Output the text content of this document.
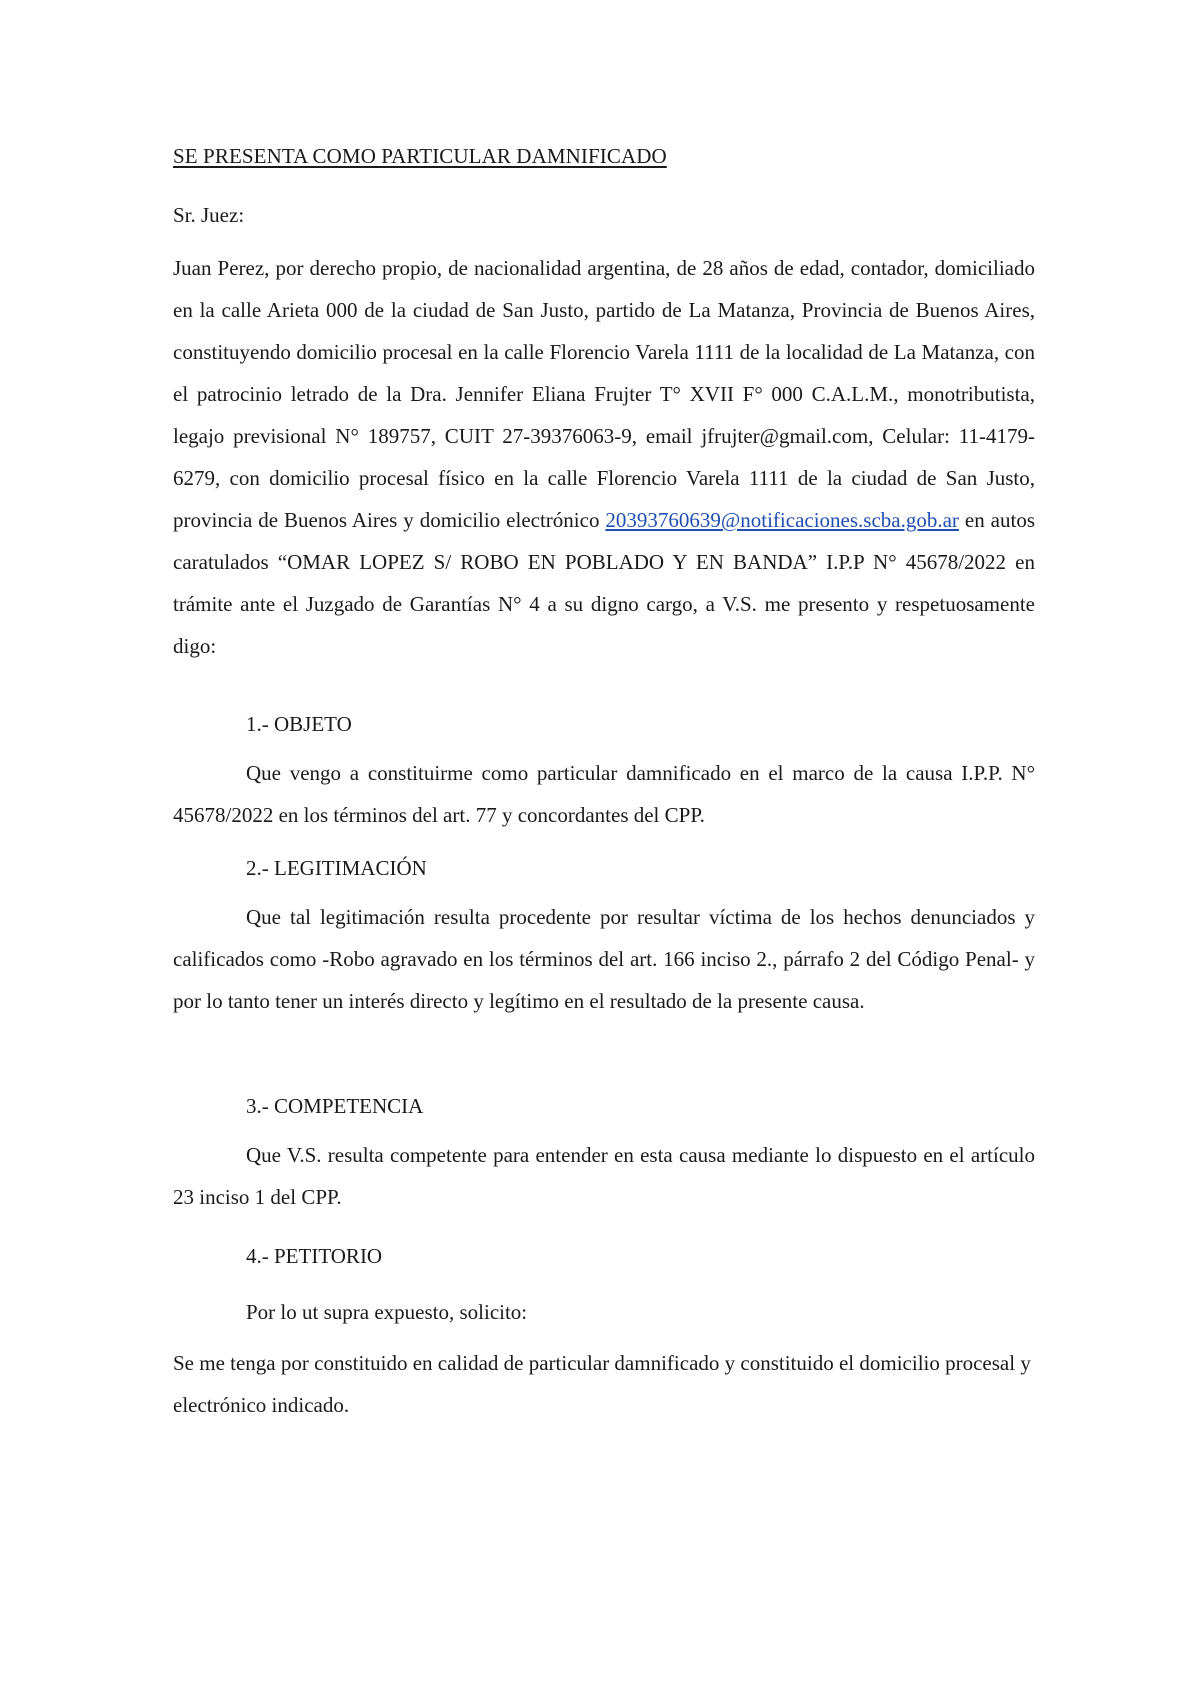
SE PRESENTA COMO PARTICULAR DAMNIFICADO

Sr. Juez:

Juan Perez, por derecho propio, de nacionalidad argentina, de 28 años de edad, contador, domiciliado en la calle Arieta 000 de la ciudad de San Justo, partido de La Matanza, Provincia de Buenos Aires, constituyendo domicilio procesal en la calle Florencio Varela 1111 de la localidad de La Matanza, con el patrocinio letrado de la Dra. Jennifer Eliana Frujter T° XVII F° 000 C.A.L.M., monotributista, legajo previsional N° 189757, CUIT 27-39376063-9, email jfrujter@gmail.com, Celular: 11-4179-6279, con domicilio procesal físico en la calle Florencio Varela 1111 de la ciudad de San Justo, provincia de Buenos Aires y domicilio electrónico 20393760639@notificaciones.scba.gob.ar en autos caratulados “OMAR LOPEZ S/ ROBO EN POBLADO Y EN BANDA” I.P.P N° 45678/2022 en trámite ante el Juzgado de Garantías N° 4 a su digno cargo, a V.S. me presento y respetuosamente digo:

1.- OBJETO

Que vengo a constituirme como particular damnificado en el marco de la causa I.P.P. N° 45678/2022 en los términos del art. 77 y concordantes del CPP.

2.- LEGITIMACIÓN

Que tal legitimación resulta procedente por resultar víctima de los hechos denunciados y calificados como -Robo agravado en los términos del art. 166 inciso 2., párrafo 2 del Código Penal- y por lo tanto tener un interés directo y legítimo en el resultado de la presente causa.

3.- COMPETENCIA

Que V.S. resulta competente para entender en esta causa mediante lo dispuesto en el artículo 23 inciso 1 del CPP.

4.- PETITORIO

Por lo ut supra expuesto, solicito:

Se me tenga por constituido en calidad de particular damnificado y constituido el domicilio procesal y electrónico indicado.
